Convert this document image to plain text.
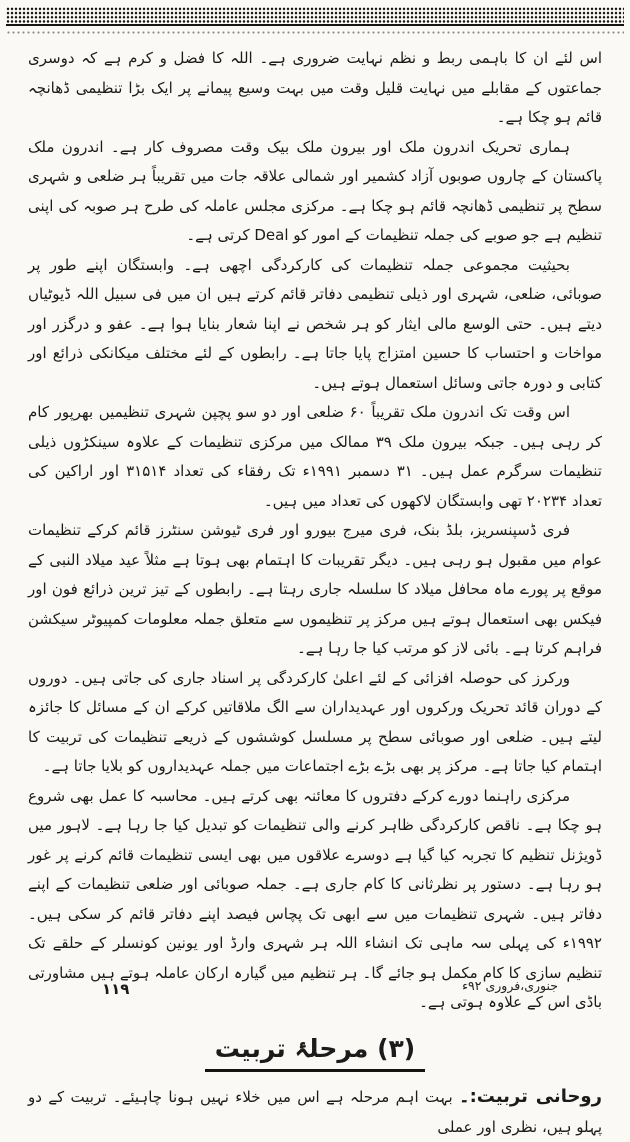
اس لئے ان کا باہمی ربط و نظم نہایت ضروری ہے۔ اللہ کا فضل و کرم ہے کہ دوسری جماعتوں کے مقابلے میں نہایت قلیل وقت میں بہت وسیع پیمانے پر ایک بڑا تنظیمی ڈھانچہ قائم ہو چکا ہے۔

ہماری تحریک اندرون ملک اور بیرون ملک بیک وقت مصروف کار ہے۔ اندرون ملک پاکستان کے چاروں صوبوں آزاد کشمیر اور شمالی علاقہ جات میں تقریباً ہر ضلعی و شہری سطح پر تنظیمی ڈھانچہ قائم ہو چکا ہے۔ مرکزی مجلس عاملہ کی طرح ہر صوبہ کی اپنی تنظیم ہے جو صوبے کی جملہ تنظیمات کے امور کو Deal کرتی ہے۔

بحیثیت مجموعی جملہ تنظیمات کی کارکردگی اچھی ہے۔ وابستگان اپنے طور پر صوبائی، ضلعی، شہری اور ذیلی تنظیمی دفاتر قائم کرتے ہیں ان میں فی سبیل اللہ ڈیوٹیاں دیتے ہیں۔ حتی الوسع مالی ایثار کو ہر شخص نے اپنا شعار بنایا ہوا ہے۔ عفو و درگزر اور مواخات و احتساب کا حسین امتزاج پایا جاتا ہے۔ رابطوں کے لئے مختلف میکانکی ذرائع اور کتابی و دورہ جاتی وسائل استعمال ہوتے ہیں۔

اس وقت تک اندرون ملک تقریباً ۶۰ ضلعی اور دو سو پچپن شہری تنظیمیں بھرپور کام کر رہی ہیں۔ جبکہ بیرون ملک ۳۹ ممالک میں مرکزی تنظیمات کے علاوہ سینکڑوں ذیلی تنظیمات سرگرم عمل ہیں۔ ۳۱ دسمبر ۱۹۹۱ء تک رفقاء کی تعداد ۳۱۵۱۴ اور اراکین کی تعداد ۲۰۲۳۴ تھی وابستگان لاکھوں کی تعداد میں ہیں۔

فری ڈسپنسریز، بلڈ بنک، فری میرج بیورو اور فری ٹیوشن سنٹرز قائم کرکے تنظیمات عوام میں مقبول ہو رہی ہیں۔ دیگر تقریبات کا اہتمام بھی ہوتا ہے مثلاً عید میلاد النبی کے موقع پر پورے ماہ محافل میلاد کا سلسلہ جاری رہتا ہے۔ رابطوں کے تیز ترین ذرائع فون اور فیکس بھی استعمال ہوتے ہیں مرکز پر تنظیموں سے متعلق جملہ معلومات کمپیوٹر سیکشن فراہم کرتا ہے۔ بائی لاز کو مرتب کیا جا رہا ہے۔

ورکرز کی حوصلہ افزائی کے لئے اعلیٰ کارکردگی پر اسناد جاری کی جاتی ہیں۔ دوروں کے دوران قائد تحریک ورکروں اور عہدیداران سے الگ ملاقاتیں کرکے ان کے مسائل کا جائزہ لیتے ہیں۔ ضلعی اور صوبائی سطح پر مسلسل کوششوں کے ذریعے تنظیمات کی تربیت کا اہتمام کیا جاتا ہے۔ مرکز پر بھی بڑے بڑے اجتماعات میں جملہ عہدیداروں کو بلایا جاتا ہے۔

مرکزی راہنما دورے کرکے دفتروں کا معائنہ بھی کرتے ہیں۔ محاسبہ کا عمل بھی شروع ہو چکا ہے۔ ناقص کارکردگی ظاہر کرنے والی تنظیمات کو تبدیل کیا جا رہا ہے۔ لاہور میں ڈویژنل تنظیم کا تجربہ کیا گیا ہے دوسرے علاقوں میں بھی ایسی تنظیمات قائم کرنے پر غور ہو رہا ہے۔ دستور پر نظرثانی کا کام جاری ہے۔ جملہ صوبائی اور ضلعی تنظیمات کے اپنے دفاتر ہیں۔ شہری تنظیمات میں سے ابھی تک پچاس فیصد اپنے دفاتر قائم کر سکی ہیں۔ ۱۹۹۲ء کی پہلی سہ ماہی تک انشاء اللہ ہر شہری وارڈ اور یونین کونسلر کے حلقے تک تنظیم سازی کا کام مکمل ہو جائے گا۔ ہر تنظیم میں گیارہ ارکان عاملہ ہوتے ہیں مشاورتی باڈی اس کے علاوہ ہوتی ہے۔

(۳) مرحلۂ تربیت

روحانی تربیت:۔ بہت اہم مرحلہ ہے اس میں خلاء نہیں ہونا چاہیئے۔ تربیت کے دو پہلو ہیں، نظری اور عملی

جنوری،فروری ۹۲ء
۱۱۹
